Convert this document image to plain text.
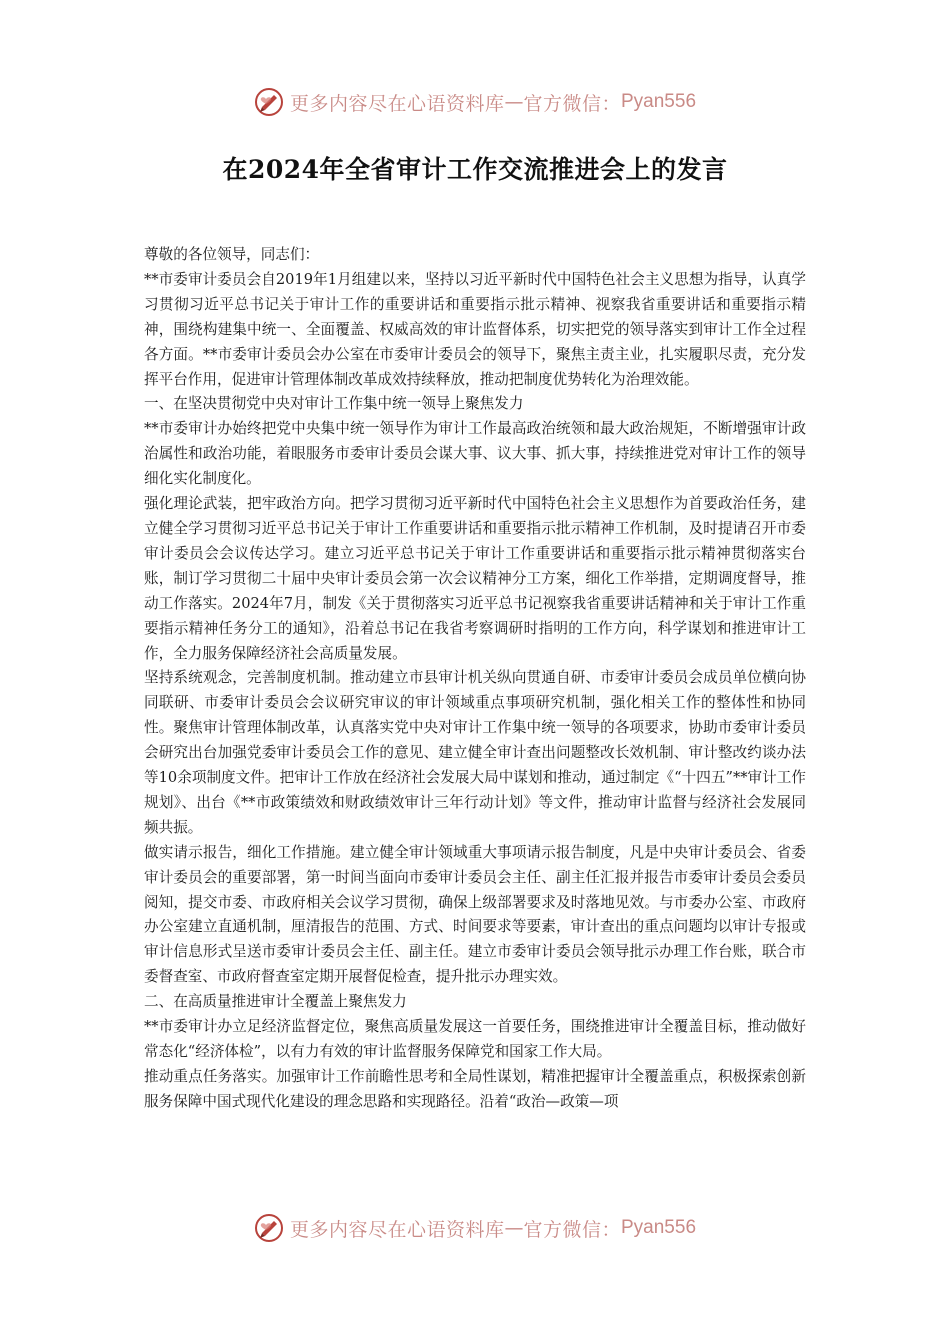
更多内容尽在心语资料库 — 官方微信： Pyan556
在2024年全省审计工作交流推进会上的发言

尊敬的各位领导，同志们：

**市委审计委员会自2019年1月组建以来，坚持以习近平新时代中国特色社会主义思想为指导，认真学习贯彻习近平总书记关于审计工作的重要讲话和重要指示批示精神、视察我省重要讲话和重要指示精神，围绕构建集中统一、全面覆盖、权威高效的审计监督体系，切实把党的领导落实到审计工作全过程各方面。**市委审计委员会办公室在市委审计委员会的领导下，聚焦主责主业，扎实履职尽责，充分发挥平台作用，促进审计管理体制改革成效持续释放，推动把制度优势转化为治理效能。

一、在坚决贯彻党中央对审计工作集中统一领导上聚焦发力

**市委审计办始终把党中央集中统一领导作为审计工作最高政治统领和最大政治规矩，不断增强审计政治属性和政治功能，着眼服务市委审计委员会谋大事、议大事、抓大事，持续推进党对审计工作的领导细化实化制度化。

强化理论武装，把牢政治方向。把学习贯彻习近平新时代中国特色社会主义思想作为首要政治任务，建立健全学习贯彻习近平总书记关于审计工作重要讲话和重要指示批示精神工作机制，及时提请召开市委审计委员会会议传达学习。建立习近平总书记关于审计工作重要讲话和重要指示批示精神贯彻落实台账，制订学习贯彻二十届中央审计委员会第一次会议精神分工方案，细化工作举措，定期调度督导，推动工作落实。2024年7月，制发《关于贯彻落实习近平总书记视察我省重要讲话精神和关于审计工作重要指示精神任务分工的通知》，沿着总书记在我省考察调研时指明的工作方向，科学谋划和推进审计工作，全力服务保障经济社会高质量发展。

坚持系统观念，完善制度机制。推动建立市县审计机关纵向贯通自研、市委审计委员会成员单位横向协同联研、市委审计委员会会议研究审议的审计领域重点事项研究机制，强化相关工作的整体性和协同性。聚焦审计管理体制改革，认真落实党中央对审计工作集中统一领导的各项要求，协助市委审计委员会研究出台加强党委审计委员会工作的意见、建立健全审计查出问题整改长效机制、审计整改约谈办法等10余项制度文件。把审计工作放在经济社会发展大局中谋划和推动，通过制定《“十四五”**审计工作规划》、出台《**市政策绩效和财政绩效审计三年行动计划》等文件，推动审计监督与经济社会发展同频共振。

做实请示报告，细化工作措施。建立健全审计领域重大事项请示报告制度，凡是中央审计委员会、省委审计委员会的重要部署，第一时间当面向市委审计委员会主任、副主任汇报并报告市委审计委员会委员阅知，提交市委、市政府相关会议学习贯彻，确保上级部署要求及时落地见效。与市委办公室、市政府办公室建立直通机制，厘清报告的范围、方式、时间要求等要素，审计查出的重点问题均以审计专报或审计信息形式呈送市委审计委员会主任、副主任。建立市委审计委员会领导批示办理工作台账，联合市委督查室、市政府督查室定期开展督促检查，提升批示办理实效。

二、在高质量推进审计全覆盖上聚焦发力

**市委审计办立足经济监督定位，聚焦高质量发展这一首要任务，围绕推进审计全覆盖目标，推动做好常态化“经济体检”，以有力有效的审计监督服务保障党和国家工作大局。

推动重点任务落实。加强审计工作前瞻性思考和全局性谋划，精准把握审计全覆盖重点，积极探索创新服务保障中国式现代化建设的理念思路和实现路径。沿着“政治—政策—项

更多内容尽在心语资料库 — 官方微信： Pyan556
